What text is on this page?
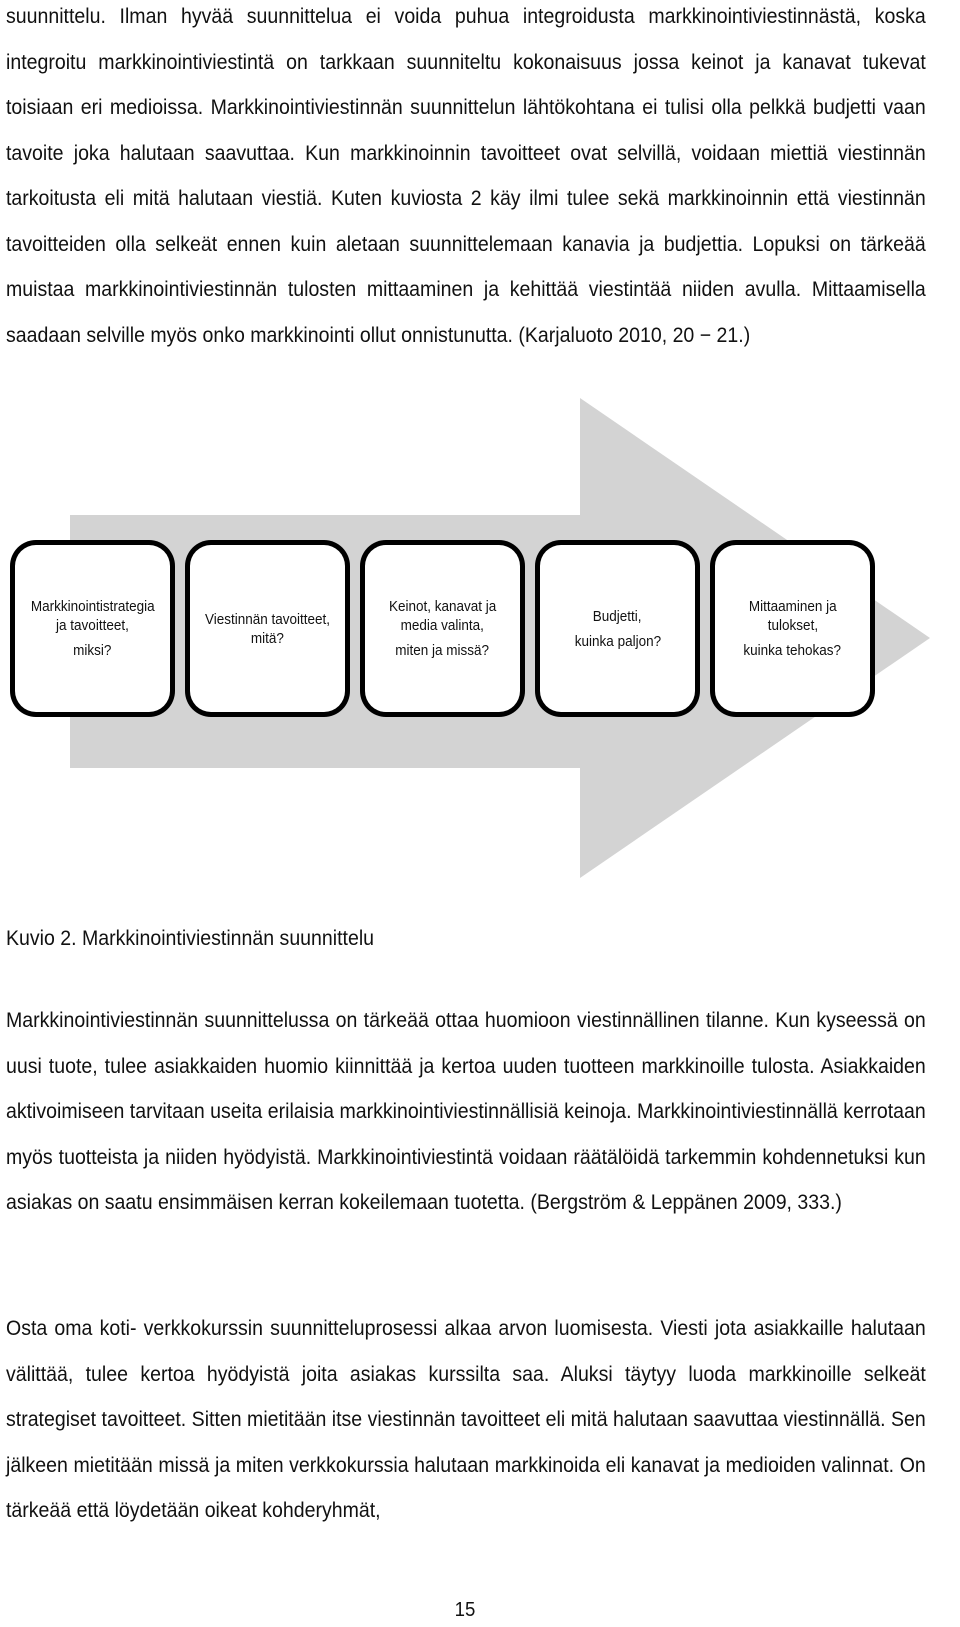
suunnittelu. Ilman hyvää suunnittelua ei voida puhua integroidusta markkinointiviestinnästä, koska integroitu markkinointiviestintä on tarkkaan suunniteltu kokonaisuus jossa keinot ja kanavat tukevat toisiaan eri medioissa. Markkinointiviestinnän suunnittelun lähtökohtana ei tulisi olla pelkkä budjetti vaan tavoite joka halutaan saavuttaa. Kun markkinoinnin tavoitteet ovat selvillä, voidaan miettiä viestinnän tarkoitusta eli mitä halutaan viestiä. Kuten kuviosta 2 käy ilmi tulee sekä markkinoinnin että viestinnän tavoitteiden olla selkeät ennen kuin aletaan suunnittelemaan kanavia ja budjettia. Lopuksi on tärkeää muistaa markkinointiviestinnän tulosten mittaaminen ja kehittää viestintää niiden avulla. Mittaamisella saadaan selville myös onko markkinointi ollut onnistunutta. (Karjaluoto 2010, 20 − 21.)

Markkinointistrategia
ja tavoitteet,
miksi?
Viestinnän tavoitteet,
mitä?
Keinot, kanavat ja
media valinta,
miten ja missä?
Budjetti,
kuinka paljon?
Mittaaminen ja
tulokset,
kuinka tehokas?

Kuvio 2. Markkinointiviestinnän suunnittelu

Markkinointiviestinnän suunnittelussa on tärkeää ottaa huomioon viestinnällinen tilanne. Kun kyseessä on uusi tuote, tulee asiakkaiden huomio kiinnittää ja kertoa uuden tuotteen markkinoille tulosta. Asiakkaiden aktivoimiseen tarvitaan useita erilaisia markkinointiviestinnällisiä keinoja. Markkinointiviestinnällä kerrotaan myös tuotteista ja niiden hyödyistä. Markkinointiviestintä voidaan räätälöidä tarkemmin kohdennetuksi kun asiakas on saatu ensimmäisen kerran kokeilemaan tuotetta. (Bergström & Leppänen 2009, 333.)

Osta oma koti- verkkokurssin suunnitteluprosessi alkaa arvon luomisesta. Viesti jota asiakkaille halutaan välittää, tulee kertoa hyödyistä joita asiakas kurssilta saa. Aluksi täytyy luoda markkinoille selkeät strategiset tavoitteet. Sitten mietitään itse viestinnän tavoitteet eli mitä halutaan saavuttaa viestinnällä. Sen jälkeen mietitään missä ja miten verkkokurssia halutaan markkinoida eli kanavat ja medioiden valinnat. On tärkeää että löydetään oikeat kohderyhmät,

15
